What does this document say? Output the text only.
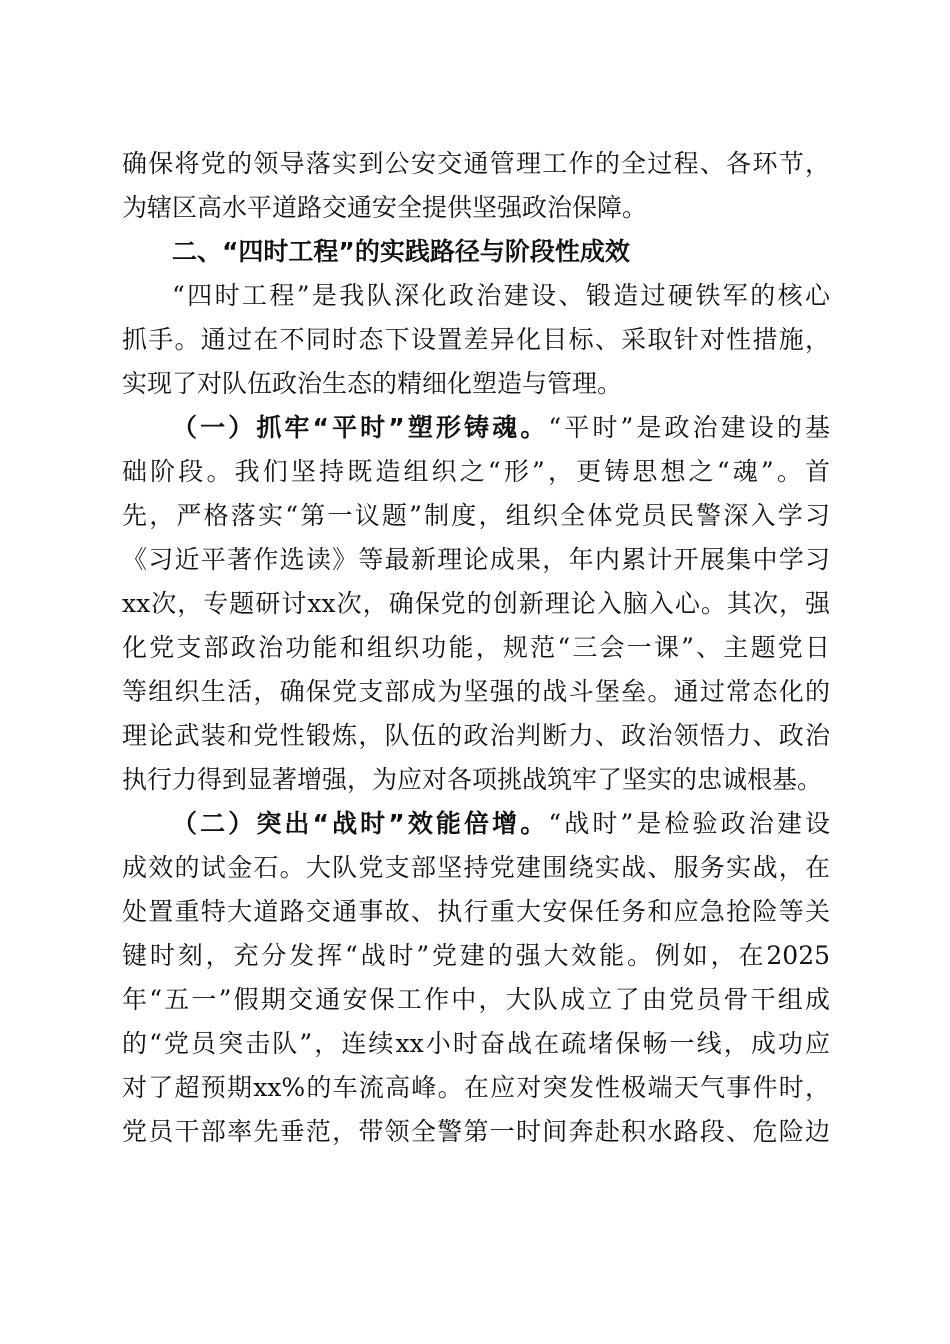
确保将党的领导落实到公安交通管理工作的全过程、各环节，
为辖区高水平道路交通安全提供坚强政治保障。
二、“四时工程”的实践路径与阶段性成效
“四时工程”是我队深化政治建设、锻造过硬铁军的核心
抓手。通过在不同时态下设置差异化目标、采取针对性措施，
实现了对队伍政治生态的精细化塑造与管理。
（一）抓牢“平时”塑形铸魂。“平时”是政治建设的基
础阶段。我们坚持既造组织之“形”，更铸思想之“魂”。首
先，严格落实“第一议题”制度，组织全体党员民警深入学习
《习近平著作选读》等最新理论成果，年内累计开展集中学习
xx次，专题研讨xx次，确保党的创新理论入脑入心。其次，强
化党支部政治功能和组织功能，规范“三会一课”、主题党日
等组织生活，确保党支部成为坚强的战斗堡垒。通过常态化的
理论武装和党性锻炼，队伍的政治判断力、政治领悟力、政治
执行力得到显著增强，为应对各项挑战筑牢了坚实的忠诚根基。
（二）突出“战时”效能倍增。“战时”是检验政治建设
成效的试金石。大队党支部坚持党建围绕实战、服务实战，在
处置重特大道路交通事故、执行重大安保任务和应急抢险等关
键时刻，充分发挥“战时”党建的强大效能。例如，在2025
年“五一”假期交通安保工作中，大队成立了由党员骨干组成
的“党员突击队”，连续xx小时奋战在疏堵保畅一线，成功应
对了超预期xx%的车流高峰。在应对突发性极端天气事件时，
党员干部率先垂范，带领全警第一时间奔赴积水路段、危险边
